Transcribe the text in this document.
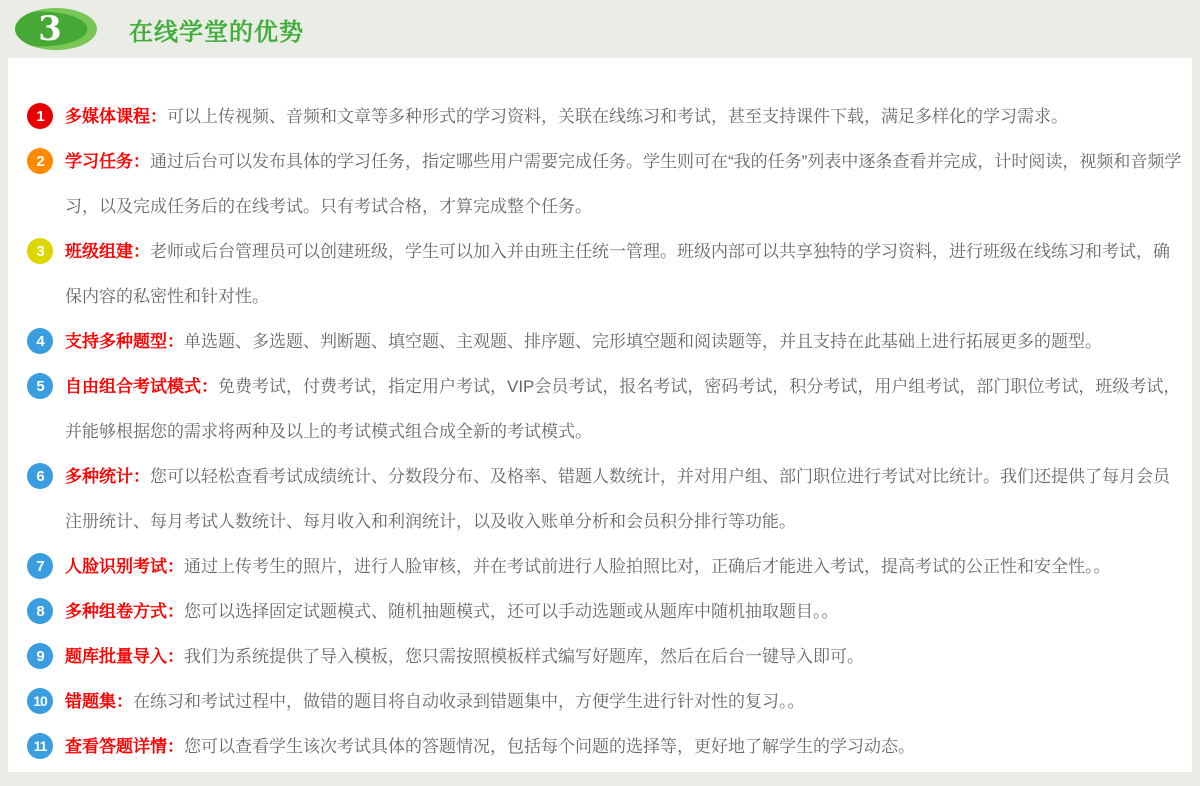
3	在线学堂的优势
1	多媒体课程：可以上传视频、音频和文章等多种形式的学习资料，关联在线练习和考试，甚至支持课件下载，满足多样化的学习需求。

2	学习任务：通过后台可以发布具体的学习任务，指定哪些用户需要完成任务。学生则可在“我的任务”列表中逐条查看并完成，计时阅读，视频和音频学习，以及完成任务后的在线考试。只有考试合格，才算完成整个任务。

3	班级组建：老师或后台管理员可以创建班级，学生可以加入并由班主任统一管理。班级内部可以共享独特的学习资料，进行班级在线练习和考试，确保内容的私密性和针对性。

4	支持多种题型：单选题、多选题、判断题、填空题、主观题、排序题、完形填空题和阅读题等，并且支持在此基础上进行拓展更多的题型。

5	自由组合考试模式：免费考试，付费考试，指定用户考试，VIP会员考试，报名考试，密码考试，积分考试，用户组考试，部门职位考试，班级考试，并能够根据您的需求将两种及以上的考试模式组合成全新的考试模式。

6	多种统计：您可以轻松查看考试成绩统计、分数段分布、及格率、错题人数统计，并对用户组、部门职位进行考试对比统计。我们还提供了每月会员注册统计、每月考试人数统计、每月收入和利润统计，以及收入账单分析和会员积分排行等功能。

7	人脸识别考试：通过上传考生的照片，进行人脸审核，并在考试前进行人脸拍照比对，正确后才能进入考试，提高考试的公正性和安全性。。

8	多种组卷方式：您可以选择固定试题模式、随机抽题模式，还可以手动选题或从题库中随机抽取题目。。

9	题库批量导入：我们为系统提供了导入模板，您只需按照模板样式编写好题库，然后在后台一键导入即可。

10	错题集：在练习和考试过程中，做错的题目将自动收录到错题集中，方便学生进行针对性的复习。。

11	查看答题详情：您可以查看学生该次考试具体的答题情况，包括每个问题的选择等，更好地了解学生的学习动态。
